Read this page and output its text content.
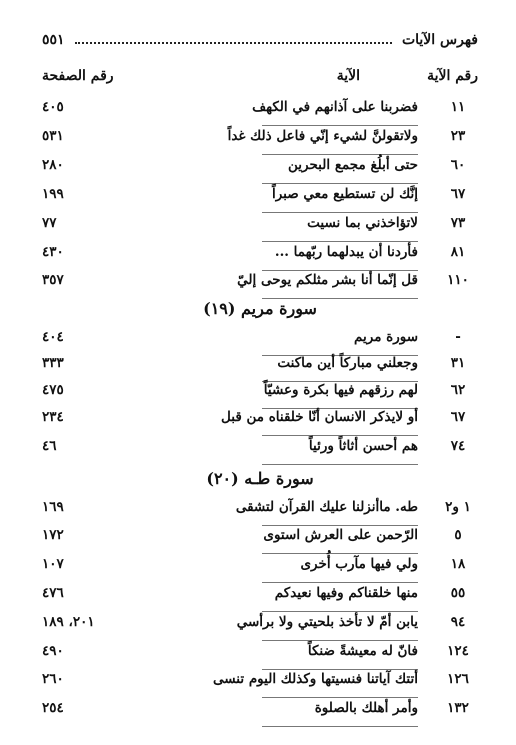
فهرس الآيات
٥٥١
رقم الآية
الآية
رقم الصفحة
١١
فضربنا على آذانهم في الكهف
٤٠٥
٢٣
ولاتقولنَّ لشيء إنّي فاعل ذلك غداً
٥٣١
٦٠
حتى أبلُغ مجمع البحرين
٢٨٠
٦٧
إنَّك لن تستطيع معي صبراً
١٩٩
٧٣
لاتؤاخذني بما نسيت
٧٧
٨١
فأردنا أن يبدلهما ربّهما ...
٤٣٠
١١٠
قل إنّما أنا بشر مثلكم يوحى إليّ
٣٥٧
سورة مريم (١٩)
-
سورة مريم
٤٠٤
٣١
وجعلني مباركاً أين ماكنت
٣٣٣
٦٢
لهم رزقهم فيها بكرة وعشيّاً
٤٧٥
٦٧
أو لايذكر الانسان أنّا خلقناه من قبل
٢٣٤
٧٤
هم أحسن أثاثاً ورئياً
٤٦
سورة طـه (٢٠)
١ و٢
طه. ماأنزلنا عليك القرآن لتشقى
١٦٩
٥
الرّحمن على العرش استوى
١٧٢
١٨
ولي فيها مآرب أُخرى
١٠٧
٥٥
منها خلقناكم وفيها نعيدكم
٤٧٦
٩٤
يابن أمّ لا تأخذ بلحيتي ولا برأسي
٢٠١، ١٨٩
١٢٤
فانّ له معيشةً ضنكاً
٤٩٠
١٢٦
أتتك آياتنا فنسيتها وكذلك اليوم تنسى
٢٦٠
١٣٢
وأمر أهلك بالصلوة
٢٥٤
